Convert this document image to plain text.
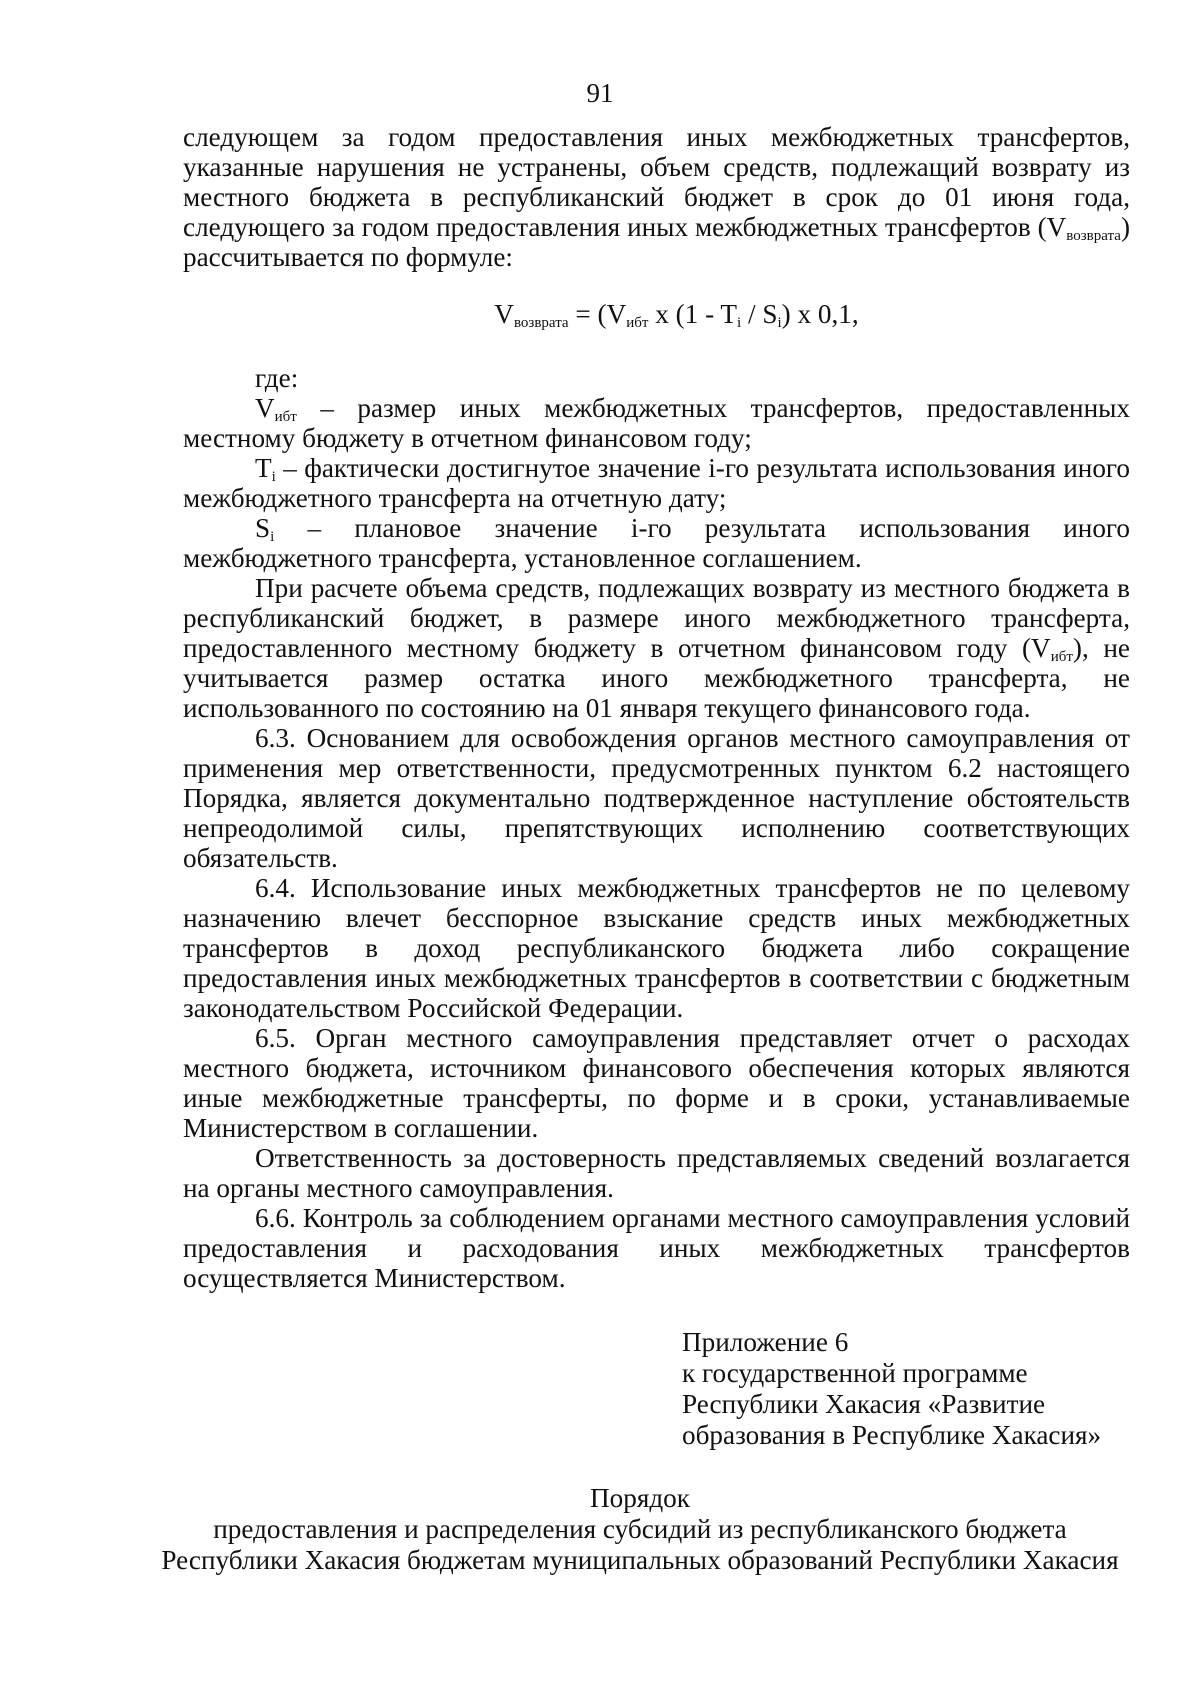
91

следующем за годом предоставления иных межбюджетных трансфертов, указанные нарушения не устранены, объем средств, подлежащий возврату из местного бюджета в республиканский бюджет в срок до 01 июня года, следующего за годом предоставления иных межбюджетных трансфертов $(V_{возврата})$ рассчитывается по формуле:

$V_{возврата} = (V_{ибт}$ x $(1 - T_i / S_i)$ x 0,1,

где:

$V_{ибт}$ – размер иных межбюджетных трансфертов, предоставленных местному бюджету в отчетном финансовом году;

$T_i$ – фактически достигнутое значение i-го результата использования иного межбюджетного трансферта на отчетную дату;

$S_i$ – плановое значение i-го результата использования иного межбюджетного трансферта, установленное соглашением.

При расчете объема средств, подлежащих возврату из местного бюджета в республиканский бюджет, в размере иного межбюджетного трансферта, предоставленного местному бюджету в отчетном финансовом году $(V_{ибт})$, не учитывается размер остатка иного межбюджетного трансферта, не использованного по состоянию на 01 января текущего финансового года.

6.3. Основанием для освобождения органов местного самоуправления от применения мер ответственности, предусмотренных пунктом 6.2 настоящего Порядка, является документально подтвержденное наступление обстоятельств непреодолимой силы, препятствующих исполнению соответствующих обязательств.

6.4. Использование иных межбюджетных трансфертов не по целевому назначению влечет бесспорное взыскание средств иных межбюджетных трансфертов в доход республиканского бюджета либо сокращение предоставления иных межбюджетных трансфертов в соответствии с бюджетным законодательством Российской Федерации.

6.5. Орган местного самоуправления представляет отчет о расходах местного бюджета, источником финансового обеспечения которых являются иные межбюджетные трансферты, по форме и в сроки, устанавливаемые Министерством в соглашении.

Ответственность за достоверность представляемых сведений возлагается на органы местного самоуправления.

6.6. Контроль за соблюдением органами местного самоуправления условий предоставления и расходования иных межбюджетных трансфертов осуществляется Министерством.

Приложение 6
к государственной программе
Республики Хакасия «Развитие
образования в Республике Хакасия»
Порядок
предоставления и распределения субсидий из республиканского бюджета
Республики Хакасия бюджетам муниципальных образований Республики Хакасия
